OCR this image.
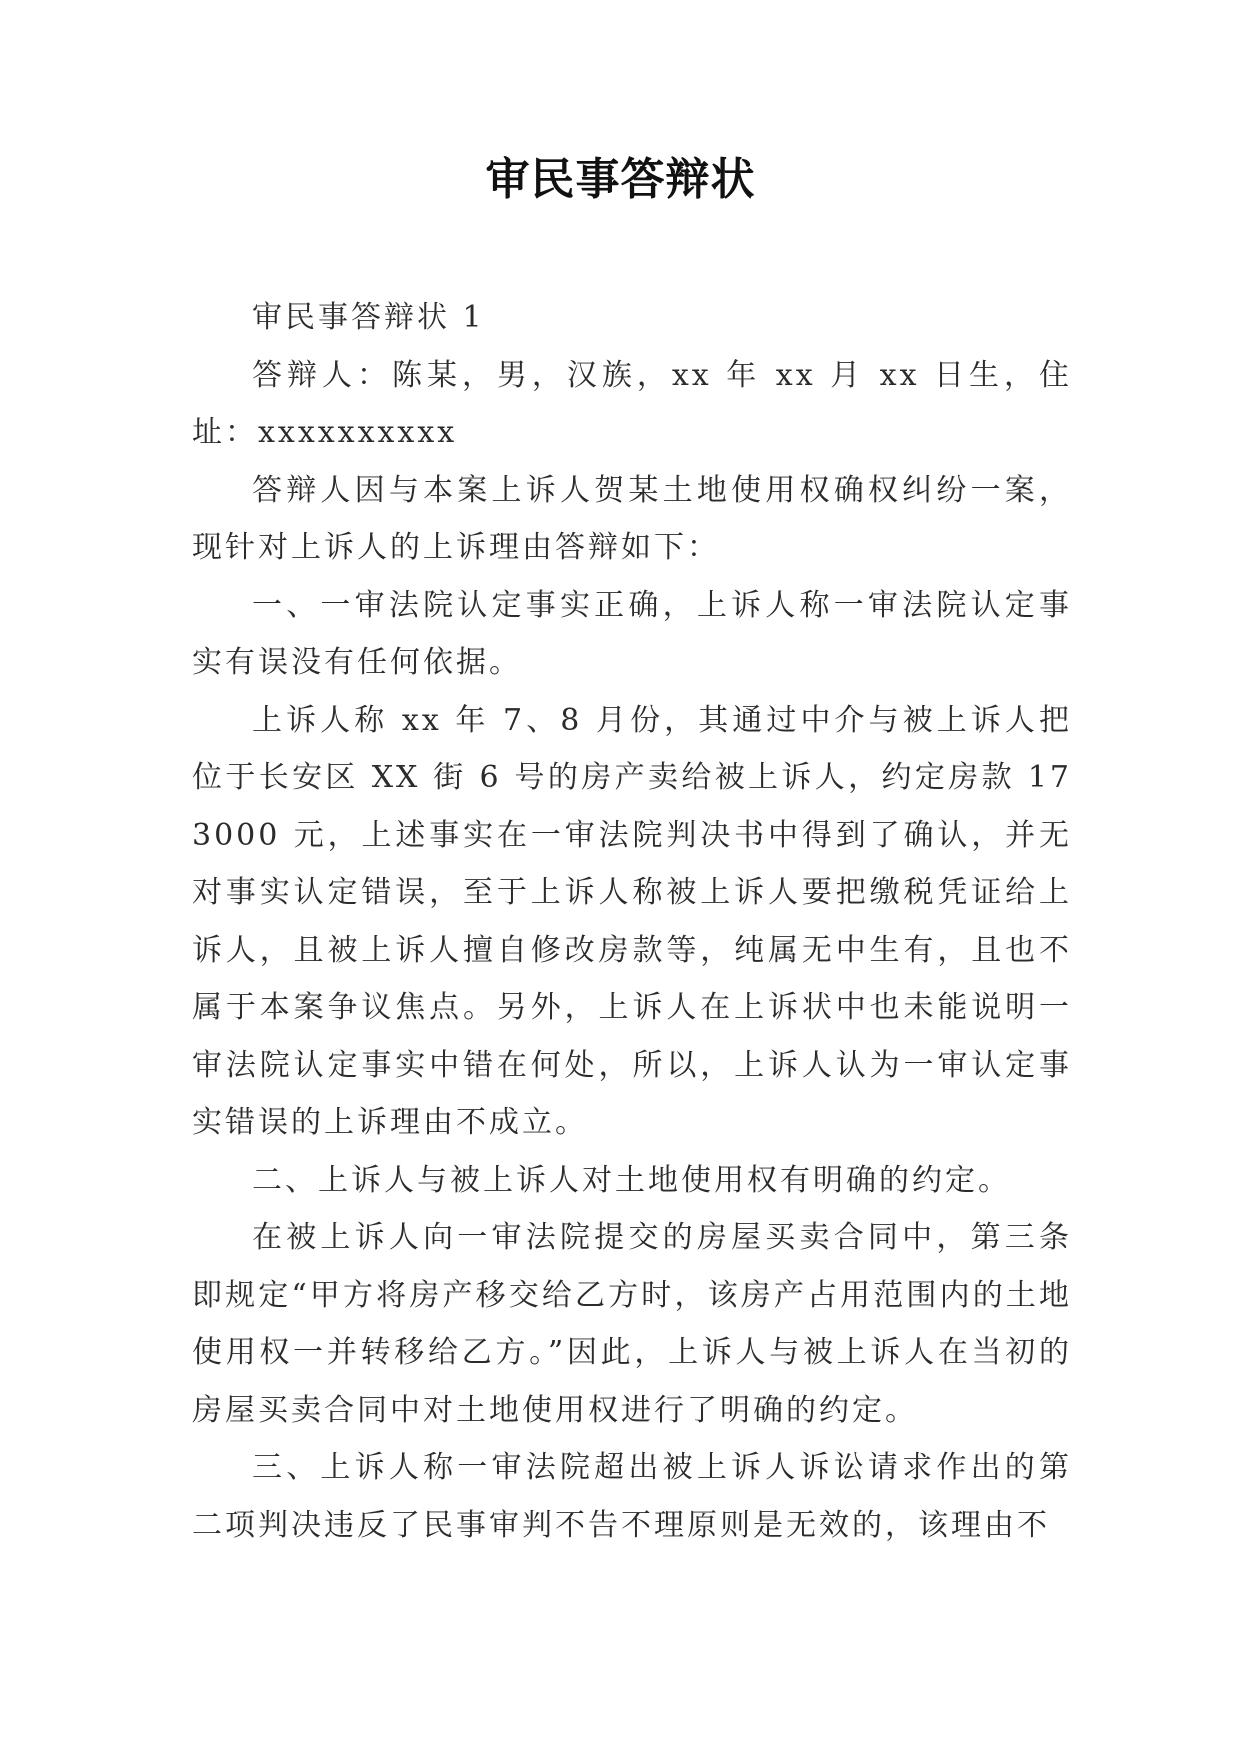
审民事答辩状

审民事答辩状 1

答辩人：陈某，男，汉族，xx 年 xx 月 xx 日生，住址：xxxxxxxxxx

答辩人因与本案上诉人贺某土地使用权确权纠纷一案，现针对上诉人的上诉理由答辩如下：

一、一审法院认定事实正确，上诉人称一审法院认定事实有误没有任何依据。

上诉人称 xx 年 7、8 月份，其通过中介与被上诉人把位于长安区 XX 街 6 号的房产卖给被上诉人，约定房款 173000 元，上述事实在一审法院判决书中得到了确认，并无对事实认定错误，至于上诉人称被上诉人要把缴税凭证给上诉人，且被上诉人擅自修改房款等，纯属无中生有，且也不属于本案争议焦点。另外，上诉人在上诉状中也未能说明一审法院认定事实中错在何处，所以，上诉人认为一审认定事实错误的上诉理由不成立。

二、上诉人与被上诉人对土地使用权有明确的约定。

在被上诉人向一审法院提交的房屋买卖合同中，第三条即规定“甲方将房产移交给乙方时，该房产占用范围内的土地使用权一并转移给乙方。”因此，上诉人与被上诉人在当初的房屋买卖合同中对土地使用权进行了明确的约定。

三、上诉人称一审法院超出被上诉人诉讼请求作出的第二项判决违反了民事审判不告不理原则是无效的，该理由不
